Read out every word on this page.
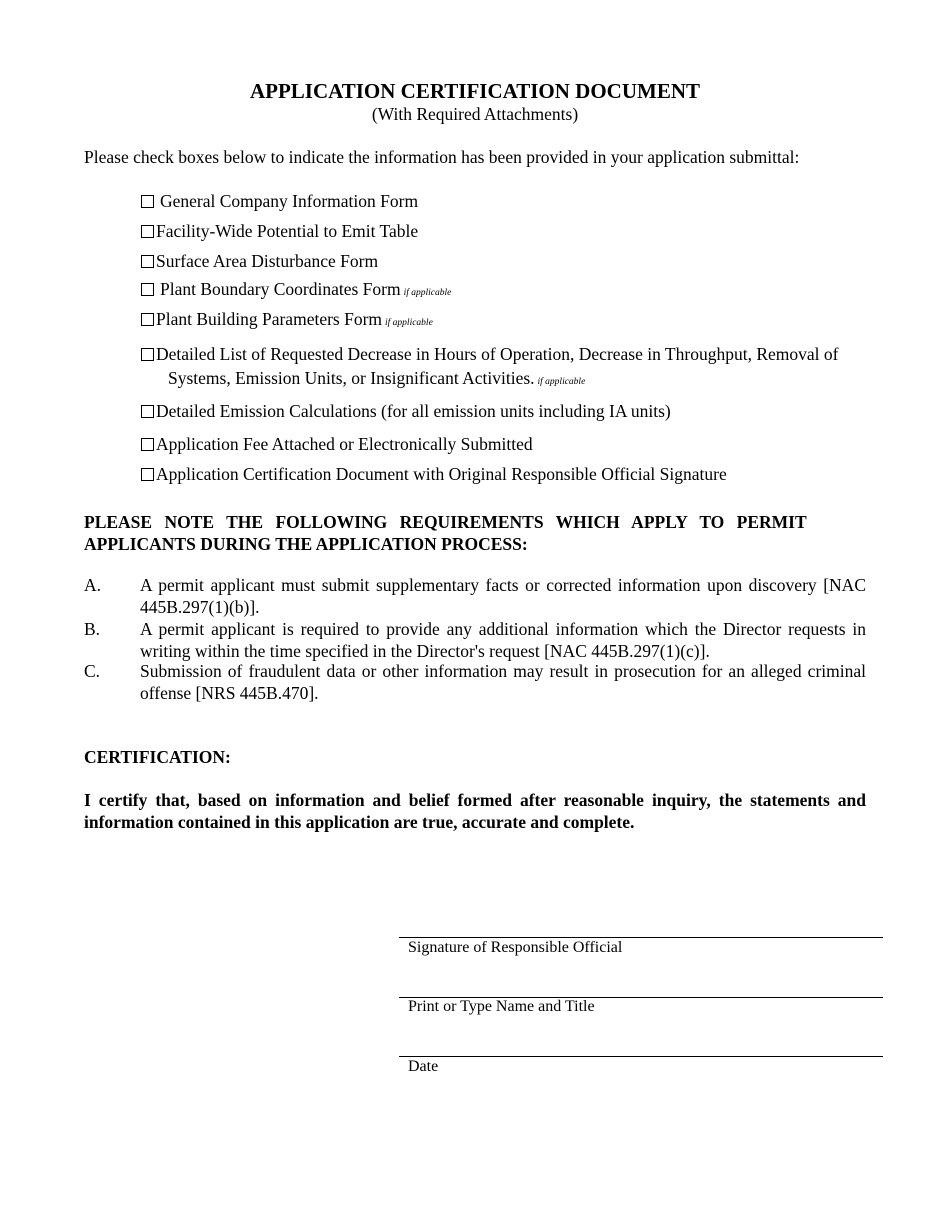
APPLICATION CERTIFICATION DOCUMENT
(With Required Attachments)
Please check boxes below to indicate the information has been provided in your application submittal:
General Company Information Form
Facility-Wide Potential to Emit Table
Surface Area Disturbance Form
Plant Boundary Coordinates Form if applicable
Plant Building Parameters Form if applicable
Detailed List of Requested Decrease in Hours of Operation, Decrease in Throughput, Removal of
Systems, Emission Units, or Insignificant Activities. if applicable
Detailed Emission Calculations (for all emission units including IA units)
Application Fee Attached or Electronically Submitted
Application Certification Document with Original Responsible Official Signature
PLEASE NOTE THE FOLLOWING REQUIREMENTS WHICH APPLY TO PERMIT
APPLICANTS DURING THE APPLICATION PROCESS:
A. A permit applicant must submit supplementary facts or corrected information upon discovery [NAC 445B.297(1)(b)].
B. A permit applicant is required to provide any additional information which the Director requests in writing within the time specified in the Director's request [NAC 445B.297(1)(c)].
C. Submission of fraudulent data or other information may result in prosecution for an alleged criminal offense [NRS 445B.470].
CERTIFICATION:
I certify that, based on information and belief formed after reasonable inquiry, the statements and information contained in this application are true, accurate and complete.
Signature of Responsible Official
Print or Type Name and Title
Date
